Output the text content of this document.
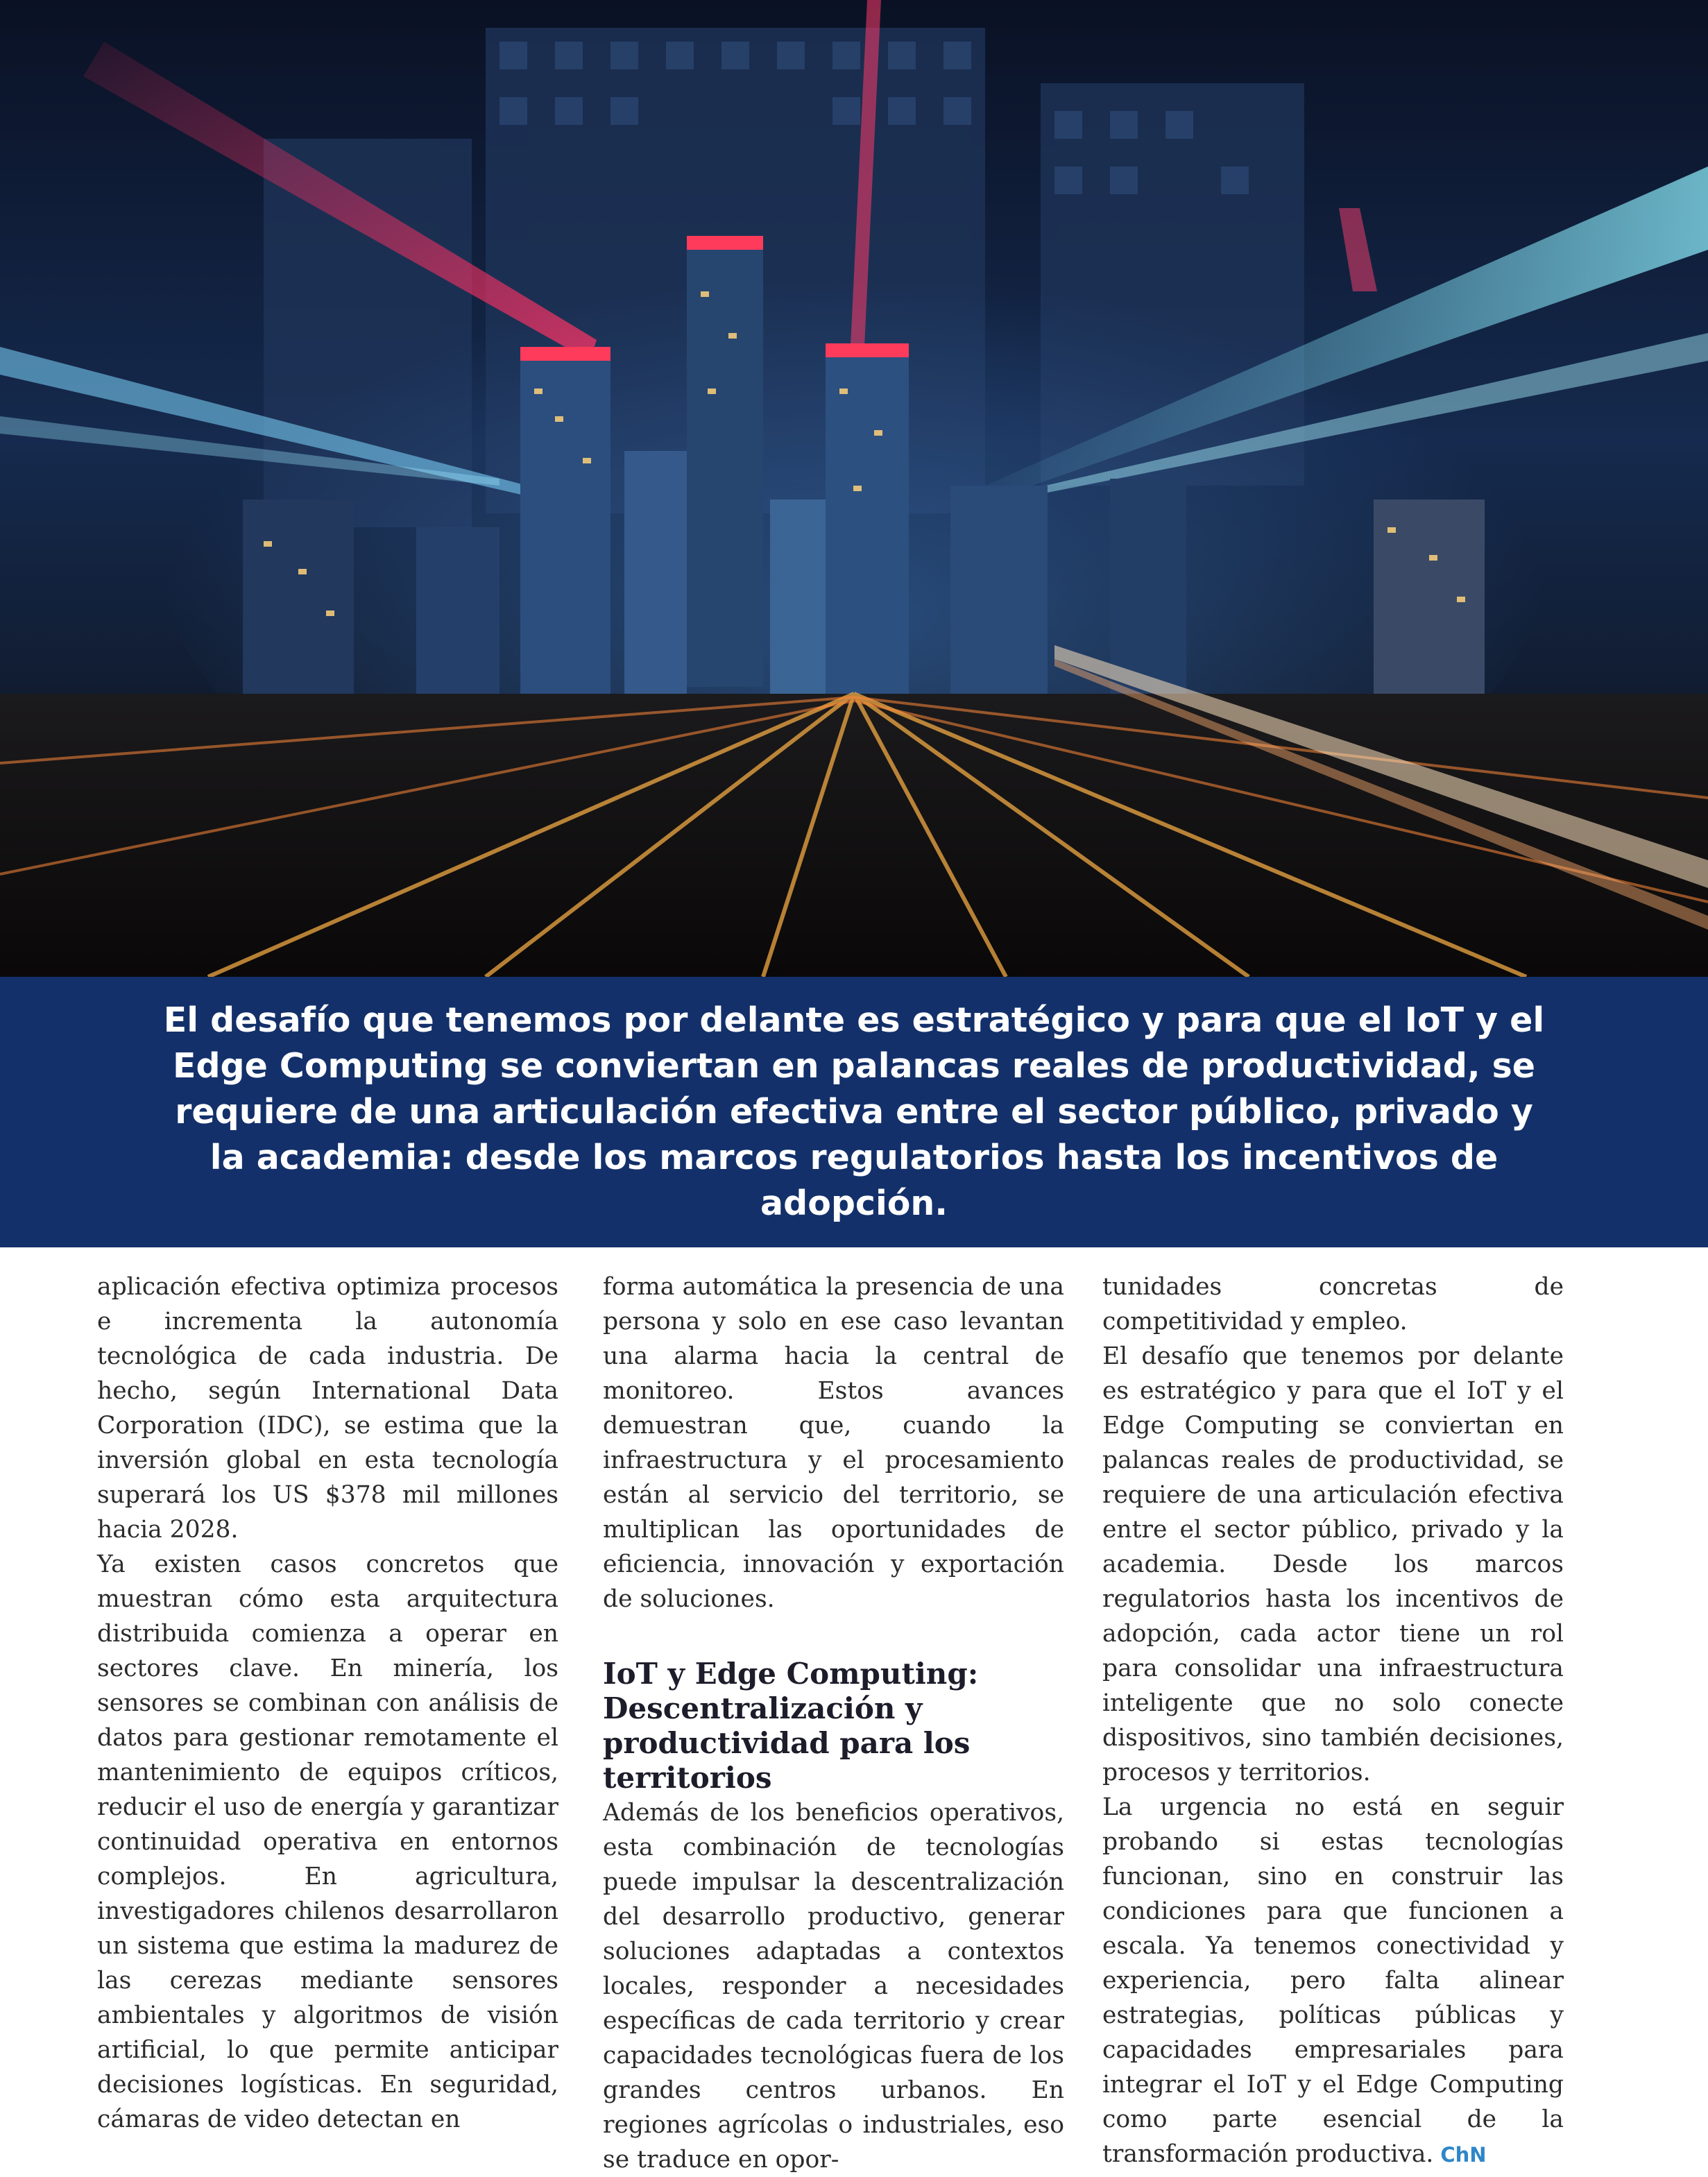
El desafío que tenemos por delante es estratégico y para que el IoT y el Edge Computing se conviertan en palancas reales de productividad, se requiere de una articulación efectiva entre el sector público, privado y la academia: desde los marcos regulatorios hasta los incentivos de adopción.

aplicación efectiva optimiza procesos e incrementa la autonomía tecnológica de cada industria. De hecho, según International Data Corporation (IDC), se estima que la inversión global en esta tecnología superará los US $378 mil millones hacia 2028.

Ya existen casos concretos que muestran cómo esta arquitectura distribuida comienza a operar en sectores clave. En minería, los sensores se combinan con análisis de datos para gestionar remotamente el mantenimiento de equipos críticos, reducir el uso de energía y garantizar continuidad operativa en entornos complejos. En agricultura, investigadores chilenos desarrollaron un sistema que estima la madurez de las cerezas mediante sensores ambientales y algoritmos de visión artificial, lo que permite anticipar decisiones logísticas. En seguridad, cámaras de video detectan en

forma automática la presencia de una persona y solo en ese caso levantan una alarma hacia la central de monitoreo. Estos avances demuestran que, cuando la infraestructura y el procesamiento están al servicio del territorio, se multiplican las oportunidades de eficiencia, innovación y exportación de soluciones.

IoT y Edge Computing: Descentralización y productividad para los territorios

Además de los beneficios operativos, esta combinación de tecnologías puede impulsar la descentralización del desarrollo productivo, generar soluciones adaptadas a contextos locales, responder a necesidades específicas de cada territorio y crear capacidades tecnológicas fuera de los grandes centros urbanos. En regiones agrícolas o industriales, eso se traduce en opor-

tunidades concretas de competitividad y empleo.

El desafío que tenemos por delante es estratégico y para que el IoT y el Edge Computing se conviertan en palancas reales de productividad, se requiere de una articulación efectiva entre el sector público, privado y la academia. Desde los marcos regulatorios hasta los incentivos de adopción, cada actor tiene un rol para consolidar una infraestructura inteligente que no solo conecte dispositivos, sino también decisiones, procesos y territorios.

La urgencia no está en seguir probando si estas tecnologías funcionan, sino en construir las condiciones para que funcionen a escala. Ya tenemos conectividad y experiencia, pero falta alinear estrategias, políticas públicas y capacidades empresariales para integrar el IoT y el Edge Computing como parte esencial de la transformación productiva. ChN
